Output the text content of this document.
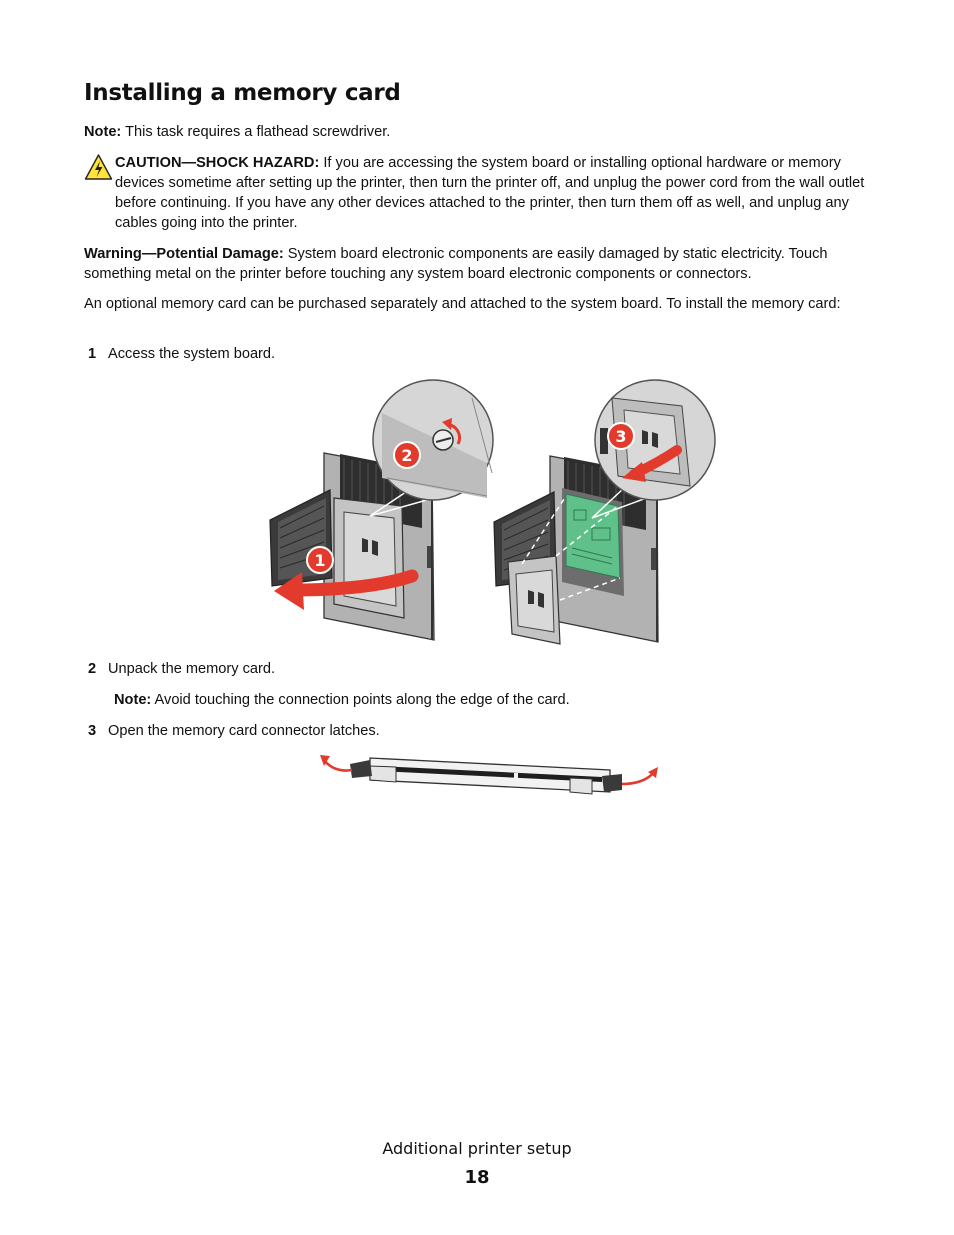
Installing a memory card

Note: This task requires a flathead screwdriver.

CAUTION—SHOCK HAZARD: If you are accessing the system board or installing optional hardware or memory devices sometime after setting up the printer, then turn the printer off, and unplug the power cord from the wall outlet before continuing. If you have any other devices attached to the printer, then turn them off as well, and unplug any cables going into the printer.

Warning—Potential Damage: System board electronic components are easily damaged by static electricity. Touch something metal on the printer before touching any system board electronic components or connectors.

An optional memory card can be purchased separately and attached to the system board. To install the memory card:

1 Access the system board.
1
2
3
2 Unpack the memory card.

Note: Avoid touching the connection points along the edge of the card.

3 Open the memory card connector latches.
Additional printer setup
18
